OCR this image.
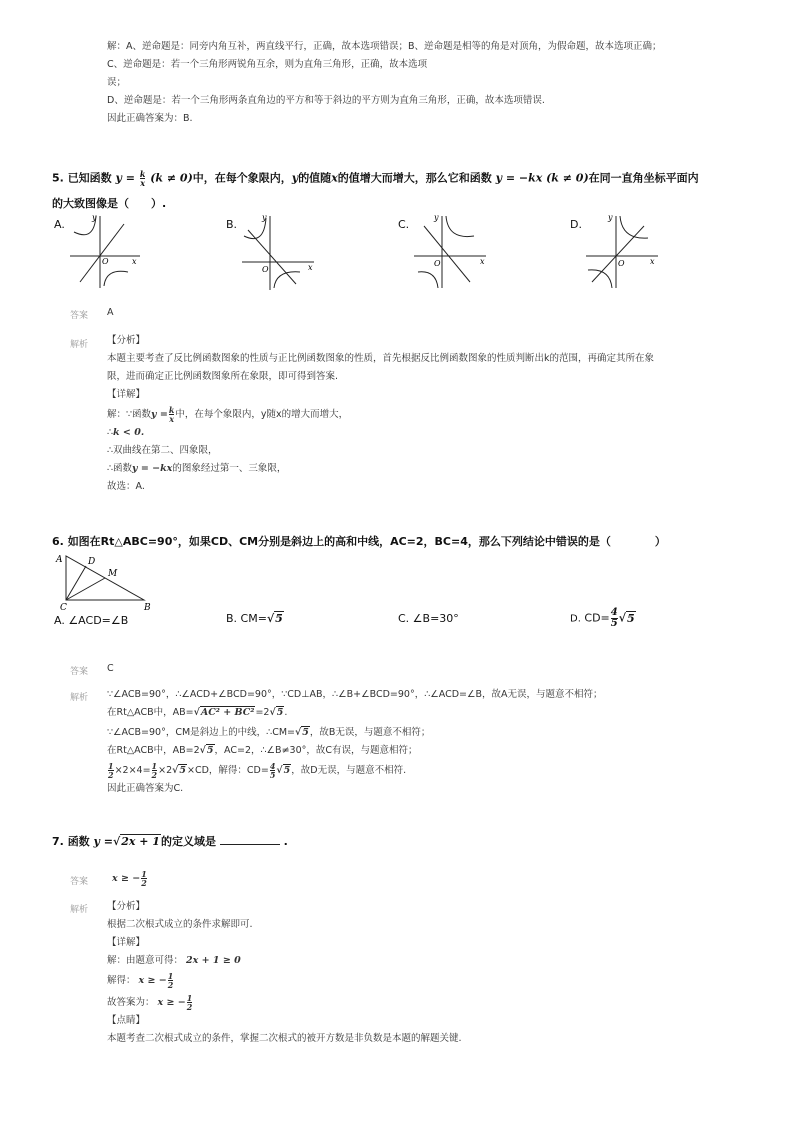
解：A、逆命题是：同旁内角互补，两直线平行，正确，故本选项错误；B、逆命题是相等的角是对顶角，为假命题，故本选项正确；
C、逆命题是：若一个三角形两锐角互余，则为直角三角形，正确，故本选项
误；
D、逆命题是：若一个三角形两条直角边的平方和等于斜边的平方则为直角三角形，正确，故本选项错误.
因此正确答案为：B.
5. 已知函数 $y = \frac{k}{x} (k \ne 0)$中，在每个象限内，y的值随x的值增大而增大，那么它和函数 y = −kx (k ≠ 0)在同一直角坐标平面内
的大致图像是（　　）.
A.	B.	C.	D.
x
y
O
x
y
O
x
y
O	x
y
O
答案 A
解析 【分析】
本题主要考查了反比例函数图象的性质与正比例函数图象的性质，首先根据反比例函数图象的性质判断出k的范围，再确定其所在象
限，进而确定正比例函数图象所在象限，即可得到答案.
【详解】
解：∵函数$y = \frac{k}{x}$ 中，在每个象限内，y随x的增大而增大，
∴k < 0.
∴双曲线在第二、四象限，
∴函数y = −kx的图象经过第一、三象限，
故选：A.
6. 如图在Rt△ABC=90°，如果CD、CM分别是斜边上的高和中线，AC=2，BC=4，那么下列结论中错误的是（　　　　）
A	D
M
C	B
A. ∠ACD=∠B	B. CM=√5	C. ∠B=30°	D. $CD= \frac{4}{5} √5$
答案 C
解析 ∵∠ACB=90°，∴∠ACD+∠BCD=90°，∵CD⊥AB，∴∠B+∠BCD=90°，∴∠ACD=∠B，故A无误，与题意不相符；
在Rt△ACB中，AB=√AC² + BC²=2√5.
∵∠ACB=90°，CM是斜边上的中线，∴CM=√5，故B无误，与题意不相符；
在Rt△ACB中，AB=2√5，AC=2，∴∠B≠30°，故C有误，与题意相符；
$\frac{1}{2} \times 2\times 4= \frac{1}{2} \times 2√5\times CD$，解得：$CD= \frac{4}{5} √5$，故D无误，与题意不相符.
因此正确答案为C.
7. 函数 y =√2x + 1的定义域是	.
答案	x ≥ − $\frac{1}{2}$
解析 【分析】
根据二次根式成立的条件求解即可.
【详解】
解：由题意可得： 2x + 1 ≥ 0
解得： x ≥ − $\frac{1}{2}$
故答案为： x ≥ − $\frac{1}{2}$
【点睛】
本题考查二次根式成立的条件，掌握二次根式的被开方数是非负数是本题的解题关键.
